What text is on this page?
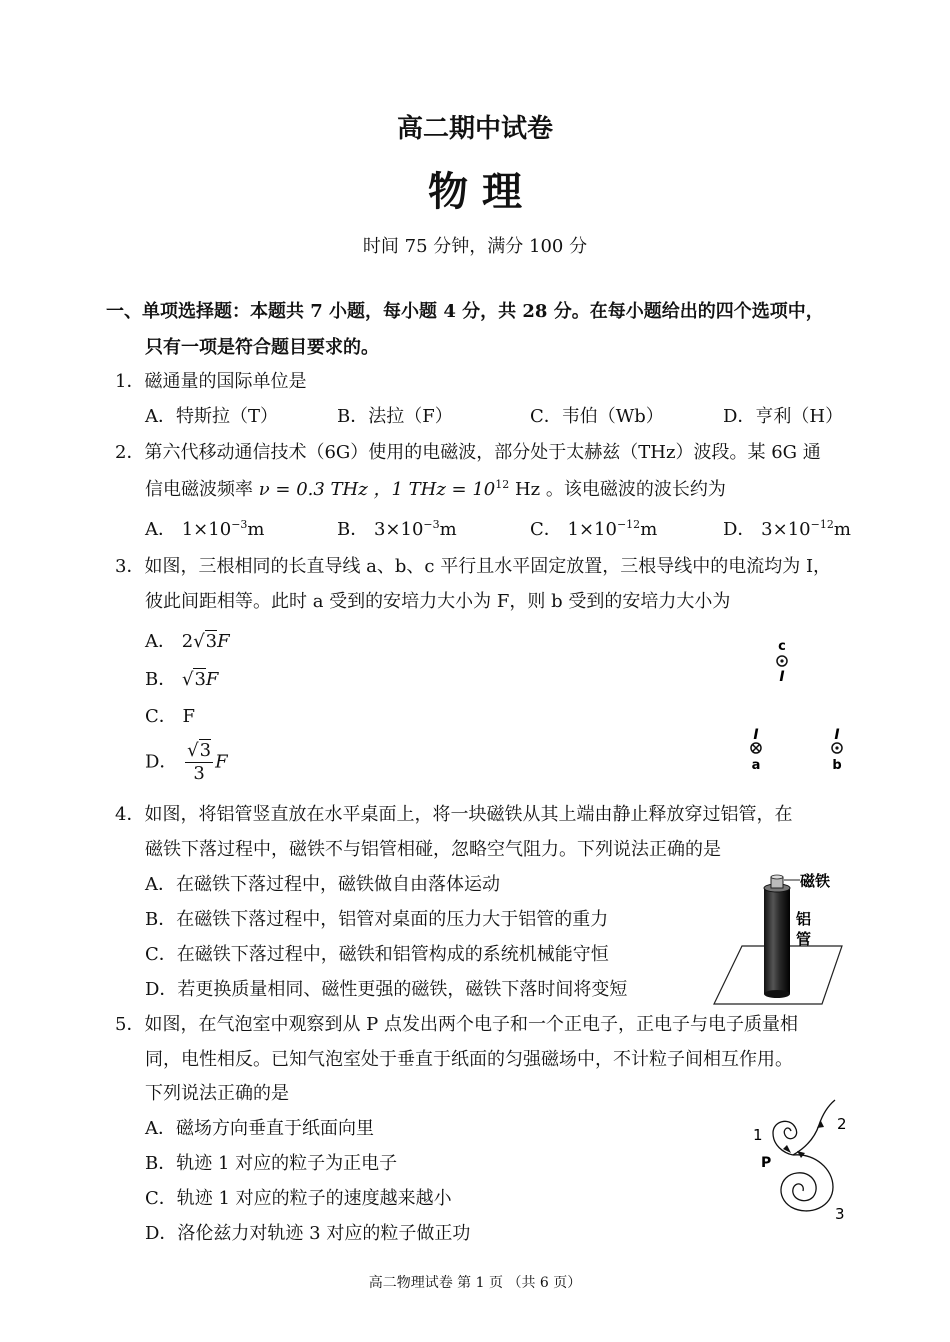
高二期中试卷
物 理
时间 75 分钟，满分 100 分
一、单项选择题：本题共 7 小题，每小题 4 分，共 28 分。在每小题给出的四个选项中，
只有一项是符合题目要求的。
1．磁通量的国际单位是
A．特斯拉（T）	B．法拉（F）	C．韦伯（Wb）	D．亨利（H）
2．第六代移动通信技术（6G）使用的电磁波，部分处于太赫兹（THz）波段。某 6G 通
信电磁波频率 ν = 0.3 THz ，1 THz = $10^{12}$ Hz 。该电磁波的波长约为
A． $1\times 10^{-3}m$	B． $3\times 10^{-3}m$	C． $1\times 10^{-12}m$	D． $3\times 10^{-12}m$
3．如图，三根相同的长直导线 a、b、c 平行且水平固定放置，三根导线中的电流均为 I，
彼此间距相等。此时 a 受到的安培力大小为 F，则 b 受到的安培力大小为
A． 2√3F
B． √3F
C． F
D． $\frac{√3}{3}$ F
c
I
I
a
I
b
4．如图，将铝管竖直放在水平桌面上，将一块磁铁从其上端由静止释放穿过铝管，在
磁铁下落过程中，磁铁不与铝管相碰，忽略空气阻力。下列说法正确的是
A．在磁铁下落过程中，磁铁做自由落体运动
B．在磁铁下落过程中，铝管对桌面的压力大于铝管的重力
C．在磁铁下落过程中，磁铁和铝管构成的系统机械能守恒
D．若更换质量相同、磁性更强的磁铁，磁铁下落时间将变短
磁铁
铝
管
5．如图，在气泡室中观察到从 P 点发出两个电子和一个正电子，正电子与电子质量相
同，电性相反。已知气泡室处于垂直于纸面的匀强磁场中，不计粒子间相互作用。
下列说法正确的是
A．磁场方向垂直于纸面向里
B．轨迹 1 对应的粒子为正电子
C．轨迹 1 对应的粒子的速度越来越小
D．洛伦兹力对轨迹 3 对应的粒子做正功
1
2
3
P
高二物理试卷 第 1 页 （共 6 页）
